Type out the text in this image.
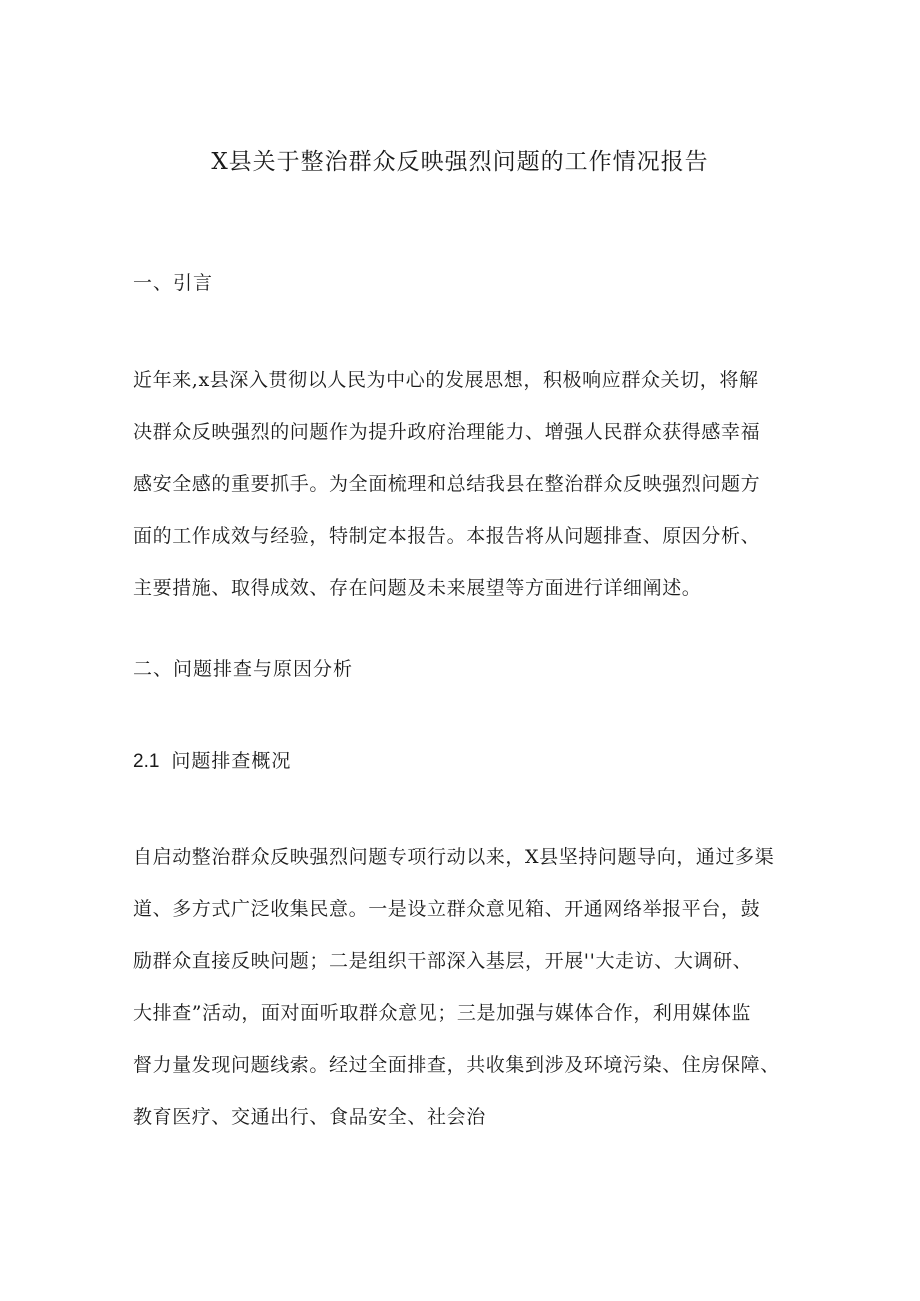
X县关于整治群众反映强烈问题的工作情况报告
一、引言
近年来,x县深入贯彻以人民为中心的发展思想，积极响应群众关切，将解
决群众反映强烈的问题作为提升政府治理能力、增强人民群众获得感幸福
感安全感的重要抓手。为全面梳理和总结我县在整治群众反映强烈问题方
面的工作成效与经验，特制定本报告。本报告将从问题排查、原因分析、
主要措施、取得成效、存在问题及未来展望等方面进行详细阐述。
二、问题排查与原因分析
2.1 问题排查概况
自启动整治群众反映强烈问题专项行动以来，X县坚持问题导向，通过多渠
道、多方式广泛收集民意。一是设立群众意见箱、开通网络举报平台，鼓
励群众直接反映问题；二是组织干部深入基层，开展''大走访、大调研、
大排查”活动，面对面听取群众意见；三是加强与媒体合作，利用媒体监
督力量发现问题线索。经过全面排查，共收集到涉及环境污染、住房保障、
教育医疗、交通出行、食品安全、社会治
